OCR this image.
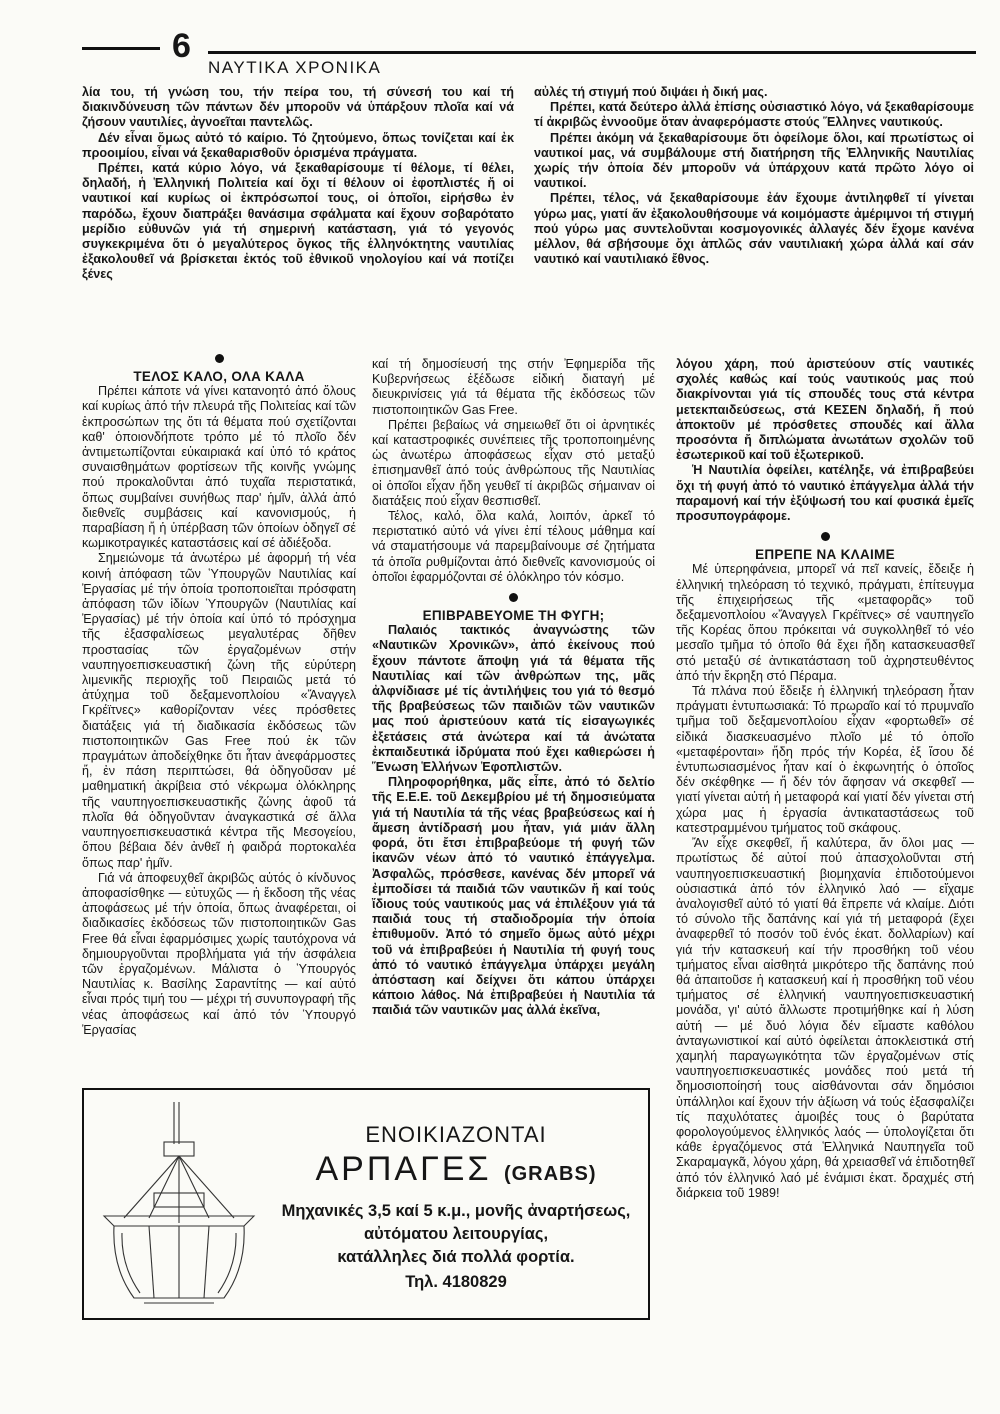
6
ΝΑΥΤΙΚΑ ΧΡΟΝΙΚΑ

λία του, τή γνώση του, τήν πείρα του, τή σύνεσή του καί τή διακινδύνευση τῶν πάντων δέν μποροῦν νά ὑπάρξουν πλοῖα καί νά ζήσουν ναυτιλίες, ἀγνοεῖται παντελῶς.

Δέν εἶναι ὅμως αὐτό τό καίριο. Τό ζητούμενο, ὅπως τονίζεται καί ἐκ προοιμίου, εἶναι νά ξεκαθαρισθοῦν ὁρισμένα πράγματα.

Πρέπει, κατά κύριο λόγο, νά ξεκαθαρίσουμε τί θέλομε, τί θέλει, δηλαδή, ἡ Ἑλληνική Πολιτεία καί ὄχι τί θέλουν οἱ ἐφοπλιστές ἤ οἱ ναυτικοί καί κυρίως οἱ ἐκπρόσωποί τους, οἱ ὁποῖοι, εἰρήσθω ἐν παρόδω, ἔχουν διαπράξει θανάσιμα σφάλματα καί ἔχουν σοβαρότατο μερίδιο εὐθυνῶν γιά τή σημερινή κατάσταση, γιά τό γεγονός συγκεκριμένα ὅτι ὁ μεγαλύτερος ὄγκος τῆς ἑλληνόκτητης ναυτιλίας ἐξακολουθεῖ νά βρίσκεται ἐκτός τοῦ ἐθνικοῦ νηολογίου καί νά ποτίζει ξένες

αὐλές τή στιγμή πού διψάει ἡ δική μας.

Πρέπει, κατά δεύτερο ἀλλά ἐπίσης οὐσιαστικό λόγο, νά ξεκαθαρίσουμε τί ἀκριβῶς ἐννοοῦμε ὅταν ἀναφερόμαστε στούς Ἕλληνες ναυτικούς.

Πρέπει ἀκόμη νά ξεκαθαρίσουμε ὅτι ὀφείλομε ὅλοι, καί πρωτίστως οἱ ναυτικοί μας, νά συμβάλουμε στή διατήρηση τῆς Ἑλληνικῆς Ναυτιλίας χωρίς τήν ὁποία δέν μποροῦν νά ὑπάρχουν κατά πρῶτο λόγο οἱ ναυτικοί.

Πρέπει, τέλος, νά ξεκαθαρίσουμε ἐάν ἔχουμε ἀντιληφθεῖ τί γίνεται γύρω μας, γιατί ἄν ἐξακολουθήσουμε νά κοιμόμαστε ἀμέριμνοι τή στιγμή πού γύρω μας συντελοῦνται κοσμογονικές ἀλλαγές δέν ἔχομε κανένα μέλλον, θά σβήσουμε ὄχι ἁπλῶς σάν ναυτιλιακή χώρα ἀλλά καί σάν ναυτικό καί ναυτιλιακό ἔθνος.

ΤΕΛΟΣ ΚΑΛΟ, ΟΛΑ ΚΑΛΑ

Πρέπει κάποτε νά γίνει κατανοητό ἀπό ὅλους καί κυρίως ἀπό τήν πλευρά τῆς Πολιτείας καί τῶν ἐκπροσώπων της ὅτι τά θέματα πού σχετίζονται καθ' ὁποιονδήποτε τρόπο μέ τό πλοῖο δέν ἀντιμετωπίζονται εὐκαιριακά καί ὑπό τό κράτος συναισθημάτων φορτίσεων τῆς κοινῆς γνώμης πού προκαλοῦνται ἀπό τυχαῖα περιστατικά, ὅπως συμβαίνει συνήθως παρ' ἡμῖν, ἀλλά ἀπό διεθνεῖς συμβάσεις καί κανονισμούς, ἡ παραβίαση ἤ ἡ ὑπέρβαση τῶν ὁποίων ὁδηγεῖ σέ κωμικοτραγικές καταστάσεις καί σέ ἀδιέξοδα.

Σημειώνομε τά ἀνωτέρω μέ ἀφορμή τή νέα κοινή ἀπόφαση τῶν Ὑπουργῶν Ναυτιλίας καί Ἐργασίας μέ τήν ὁποία τροποποιεῖται πρόσφατη ἀπόφαση τῶν ἰδίων Ὑπουργῶν (Ναυτιλίας καί Ἐργασίας) μέ τήν ὁποία καί ὑπό τό πρόσχημα τῆς ἐξασφαλίσεως μεγαλυτέρας δῆθεν προστασίας τῶν ἐργαζομένων στήν ναυπηγοεπισκευαστική ζώνη τῆς εὐρύτερη λιμενικῆς περιοχῆς τοῦ Πειραιῶς μετά τό ἀτύχημα τοῦ δεξαμενοπλοίου «Ἄναγγελ Γκρέϊτνες» καθορίζονταν νέες πρόσθετες διατάξεις γιά τή διαδικασία ἐκδόσεως τῶν πιστοποιητικῶν Gas Free πού ἐκ τῶν πραγμάτων ἀποδείχθηκε ὅτι ἦταν ἀνεφάρμοστες ἤ, ἐν πάση περιπτώσει, θά ὁδηγοῦσαν μέ μαθηματική ἀκρίβεια στό νέκρωμα ὁλόκληρης τῆς ναυπηγοεπισκευαστικῆς ζώνης ἀφοῦ τά πλοῖα θά ὁδηγοῦνταν ἀναγκαστικά σέ ἄλλα ναυπηγοεπισκευαστικά κέντρα τῆς Μεσογείου, ὅπου βέβαια δέν ἀνθεῖ ἡ φαιδρά πορτοκαλέα ὅπως παρ' ἡμῖν.

Γιά νά ἀποφευχθεῖ ἀκριβῶς αὐτός ὁ κίνδυνος ἀποφασίσθηκε — εὐτυχῶς — ἡ ἔκδοση τῆς νέας ἀποφάσεως μέ τήν ὁποία, ὅπως ἀναφέρεται, οἱ διαδικασίες ἐκδόσεως τῶν πιστοποιητικῶν Gas Free θά εἶναι ἐφαρμόσιμες χωρίς ταυτόχρονα νά δημιουργοῦνται προβλήματα γιά τήν ἀσφάλεια τῶν ἐργαζομένων. Μάλιστα ὁ Ὑπουργός Ναυτιλίας κ. Βασίλης Σαραντίτης — καί αὐτό εἶναι πρός τιμή του — μέχρι τή συνυπογραφή τῆς νέας ἀποφάσεως καί ἀπό τόν Ὑπουργό Ἐργασίας

καί τή δημοσίευσή της στήν Ἐφημερίδα τῆς Κυβερνήσεως ἐξέδωσε εἰδική διαταγή μέ διευκρινίσεις γιά τά θέματα τῆς ἐκδόσεως τῶν πιστοποιητικῶν Gas Free.

Πρέπει βεβαίως νά σημειωθεῖ ὅτι οἱ ἀρνητικές καί καταστροφικές συνέπειες τῆς τροποποιημένης ὡς ἀνωτέρω ἀποφάσεως εἶχαν στό μεταξύ ἐπισημανθεῖ ἀπό τούς ἀνθρώπους τῆς Ναυτιλίας οἱ ὁποῖοι εἶχαν ἤδη γευθεῖ τί ἀκριβῶς σήμαιναν οἱ διατάξεις πού εἶχαν θεσπισθεῖ.

Τέλος, καλό, ὅλα καλά, λοιπόν, ἀρκεῖ τό περιστατικό αὐτό νά γίνει ἐπί τέλους μάθημα καί νά σταματήσουμε νά παρεμβαίνουμε σέ ζητήματα τά ὁποῖα ρυθμίζονται ἀπό διεθνεῖς κανονισμούς οἱ ὁποῖοι ἐφαρμόζονται σέ ὁλόκληρο τόν κόσμο.

ΕΠΙΒΡΑΒΕΥΟΜΕ ΤΗ ΦΥΓΗ;

Παλαιός τακτικός ἀναγνώστης τῶν «Ναυτικῶν Χρονικῶν», ἀπό ἐκείνους πού ἔχουν πάντοτε ἄποψη γιά τά θέματα τῆς Ναυτιλίας καί τῶν ἀνθρώπων της, μᾶς ἀλφνίδιασε μέ τίς ἀντιλήψεις του γιά τό θεσμό τῆς βραβεύσεως τῶν παιδιῶν τῶν ναυτικῶν μας πού ἀριστεύουν κατά τίς εἰσαγωγικές ἐξετάσεις στά ἀνώτερα καί τά ἀνώτατα ἐκπαιδευτικά ἱδρύματα πού ἔχει καθιερώσει ἡ Ἕνωση Ἑλλήνων Ἐφοπλιστῶν.

Πληροφορήθηκα, μᾶς εἶπε, ἀπό τό δελτίο τῆς Ε.Ε.Ε. τοῦ Δεκεμβρίου μέ τή δημοσιεύματα γιά τή Ναυτιλία τά τῆς νέας βραβεύσεως καί ἡ ἄμεση ἀντίδρασή μου ἦταν, γιά μιάν ἄλλη φορά, ὅτι ἔτσι ἐπιβραβεύομε τή φυγή τῶν ἱκανῶν νέων ἀπό τό ναυτικό ἐπάγγελμα. Ἀσφαλῶς, πρόσθεσε, κανένας δέν μπορεῖ νά ἐμποδίσει τά παιδιά τῶν ναυτικῶν ἤ καί τούς ἴδιους τούς ναυτικούς μας νά ἐπιλέξουν γιά τά παιδιά τους τή σταδιοδρομία τήν ὁποία ἐπιθυμοῦν. Ἀπό τό σημεῖο ὅμως αὐτό μέχρι τοῦ νά ἐπιβραβεύει ἡ Ναυτιλία τή φυγή τους ἀπό τό ναυτικό ἐπάγγελμα ὑπάρχει μεγάλη ἀπόσταση καί δείχνει ὅτι κάπου ὑπάρχει κάποιο λάθος. Νά ἐπιβραβεύει ἡ Ναυτιλία τά παιδιά τῶν ναυτικῶν μας ἀλλά ἐκεῖνα,

λόγου χάρη, πού ἀριστεύουν στίς ναυτικές σχολές καθώς καί τούς ναυτικούς μας πού διακρίνονται γιά τίς σπουδές τους στά κέντρα μετεκπαιδεύσεως, στά ΚΕΣΕΝ δηλαδή, ἤ πού ἀποκτοῦν μέ πρόσθετες σπουδές καί ἄλλα προσόντα ἤ διπλώματα ἀνωτάτων σχολῶν τοῦ ἐσωτερικοῦ καί τοῦ ἐξωτερικοῦ.

Ἡ Ναυτιλία ὀφείλει, κατέληξε, νά ἐπιβραβεύει ὄχι τή φυγή ἀπό τό ναυτικό ἐπάγγελμα ἀλλά τήν παραμονή καί τήν ἐξύψωσή του καί φυσικά ἐμεῖς προσυπογράφομε.

ΕΠΡΕΠΕ ΝΑ ΚΛΑΙΜΕ

Μέ ὑπερηφάνεια, μπορεῖ νά πεῖ κανείς, ἔδειξε ἡ ἑλληνική τηλεόραση τό τεχνικό, πράγματι, ἐπίτευγμα τῆς ἐπιχειρήσεως τῆς «μεταφορᾶς» τοῦ δεξαμενοπλοίου «Ἄναγγελ Γκρέϊτνες» σέ ναυπηγεῖο τῆς Κορέας ὅπου πρόκειται νά συγκολληθεῖ τό νέο μεσαῖο τμῆμα τό ὁποῖο θά ἔχει ἤδη κατασκευασθεῖ στό μεταξύ σέ ἀντικατάσταση τοῦ ἀχρηστευθέντος ἀπό τήν ἔκρηξη στό Πέραμα.

Τά πλάνα πού ἔδειξε ἡ ἑλληνική τηλεόραση ἦταν πράγματι ἐντυπωσιακά: Τό πρωραῖο καί τό πρυμναῖο τμῆμα τοῦ δεξαμενοπλοίου εἶχαν «φορτωθεῖ» σέ εἰδικά διασκευασμένο πλοῖο μέ τό ὁποῖο «μεταφέρονται» ἤδη πρός τήν Κορέα, ἐξ ἴσου δέ ἐντυπωσιασμένος ἦταν καί ὁ ἐκφωνητής ὁ ὁποῖος δέν σκέφθηκε — ἤ δέν τόν ἄφησαν νά σκεφθεῖ — γιατί γίνεται αὐτή ἡ μεταφορά καί γιατί δέν γίνεται στή χώρα μας ἡ ἐργασία ἀντικαταστάσεως τοῦ κατεστραμμένου τμήματος τοῦ σκάφους.

Ἄν εἶχε σκεφθεῖ, ἤ καλύτερα, ἄν ὅλοι μας — πρωτίστως δέ αὐτοί πού ἀπασχολοῦνται στή ναυπηγοεπισκευαστική βιομηχανία ἐπιδοτούμενοι οὐσιαστικά ἀπό τόν ἑλληνικό λαό — εἴχαμε ἀναλογισθεῖ αὐτό τό γιατί θά ἔπρεπε νά κλαίμε. Διότι τό σύνολο τῆς δαπάνης καί γιά τή μεταφορά (ἔχει ἀναφερθεῖ τό ποσόν τοῦ ἑνός ἑκατ. δολλαρίων) καί γιά τήν κατασκευή καί τήν προσθήκη τοῦ νέου τμήματος εἶναι αἰσθητά μικρότερο τῆς δαπάνης πού θά ἀπαιτοῦσε ἡ κατασκευή καί ἡ προσθήκη τοῦ νέου τμήματος σέ ἑλληνική ναυπηγοεπισκευαστική μονάδα, γι' αὐτό ἄλλωστε προτιμήθηκε καί ἡ λύση αὐτή — μέ δυό λόγια δέν εἴμαστε καθόλου ἀνταγωνιστικοί καί αὐτό ὀφείλεται ἀποκλειστικά στή χαμηλή παραγωγικότητα τῶν ἐργαζομένων στίς ναυπηγοεπισκευαστικές μονάδες πού μετά τή δημοσιοποίησή τους αἰσθάνονται σάν δημόσιοι ὑπάλληλοι καί ἔχουν τήν ἀξίωση νά τούς ἐξασφαλίζει τίς παχυλότατες ἀμοιβές τους ὁ βαρύτατα φορολογούμενος ἑλληνικός λαός — ὑπολογίζεται ὅτι κάθε ἐργαζόμενος στά Ἑλληνικά Ναυπηγεῖα τοῦ Σκαραμαγκᾶ, λόγου χάρη, θά χρειασθεῖ νά ἐπιδοτηθεῖ ἀπό τόν ἑλληνικό λαό μέ ἑνάμισι ἑκατ. δραχμές στή διάρκεια τοῦ 1989!

ΕΝΟΙΚΙΑΖΟΝΤΑΙ
ΑΡΠΑΓΕΣ (GRABS)
Μηχανικές 3,5 καί 5 κ.μ., μονῆς ἀναρτήσεως,
αὐτόματου λειτουργίας,
κατάλληλες διά πολλά φορτία.
Τηλ. 4180829
